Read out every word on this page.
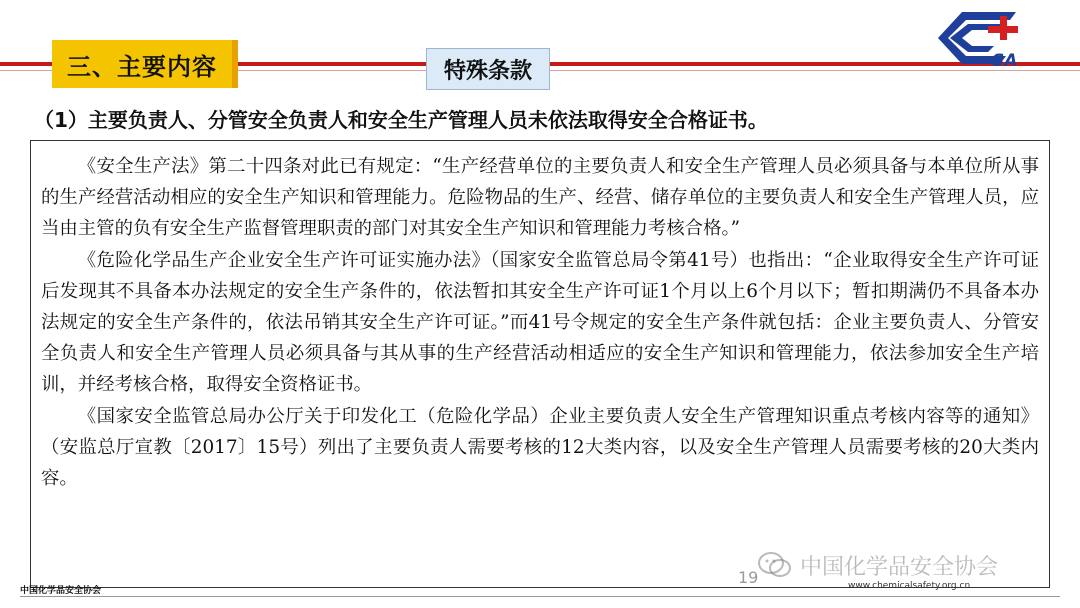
三、主要内容	特殊条款	SA
（1）主要负责人、分管安全负责人和安全生产管理人员未依法取得安全合格证书。

《安全生产法》第二十四条对此已有规定：“生产经营单位的主要负责人和安全生产管理人员必须具备与本单位所从事的生产经营活动相应的安全生产知识和管理能力。危险物品的生产、经营、储存单位的主要负责人和安全生产管理人员，应当由主管的负有安全生产监督管理职责的部门对其安全生产知识和管理能力考核合格。”

《危险化学品生产企业安全生产许可证实施办法》（国家安全监管总局令第41号）也指出：“企业取得安全生产许可证后发现其不具备本办法规定的安全生产条件的，依法暂扣其安全生产许可证1个月以上6个月以下；暂扣期满仍不具备本办法规定的安全生产条件的，依法吊销其安全生产许可证。”而41号令规定的安全生产条件就包括：企业主要负责人、分管安全负责人和安全生产管理人员必须具备与其从事的生产经营活动相适应的安全生产知识和管理能力，依法参加安全生产培训，并经考核合格，取得安全资格证书。

《国家安全监管总局办公厅关于印发化工（危险化学品）企业主要负责人安全生产管理知识重点考核内容等的通知》（安监总厅宣教〔2017〕15号）列出了主要负责人需要考核的12大类内容，以及安全生产管理人员需要考核的20大类内容。

19 中国化学品安全协会
www.chemicalsafety.org.cn
中国化学品安全协会
